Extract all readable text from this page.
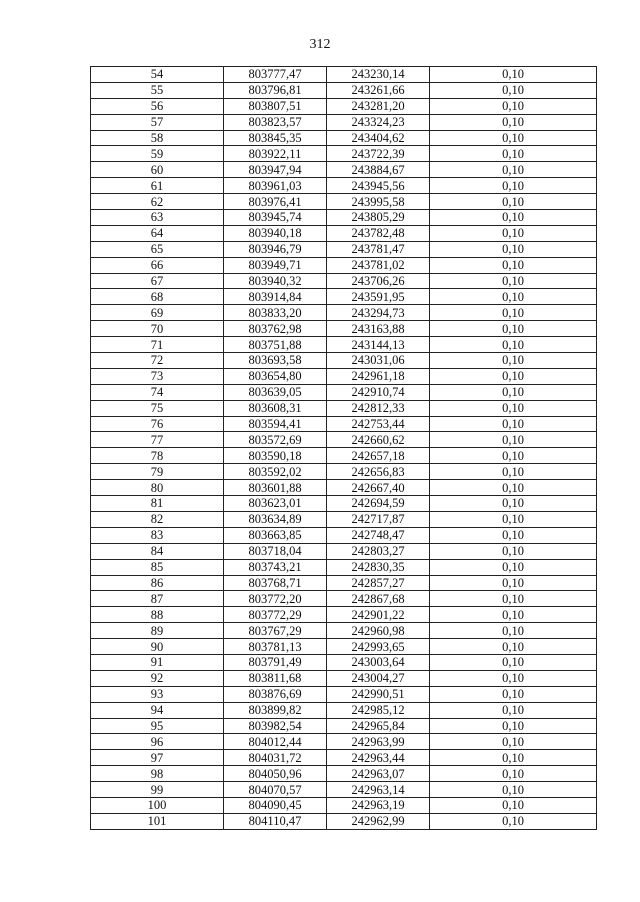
312
54	803777,47	243230,14	0,10
55	803796,81	243261,66	0,10
56	803807,51	243281,20	0,10
57	803823,57	243324,23	0,10
58	803845,35	243404,62	0,10
59	803922,11	243722,39	0,10
60	803947,94	243884,67	0,10
61	803961,03	243945,56	0,10
62	803976,41	243995,58	0,10
63	803945,74	243805,29	0,10
64	803940,18	243782,48	0,10
65	803946,79	243781,47	0,10
66	803949,71	243781,02	0,10
67	803940,32	243706,26	0,10
68	803914,84	243591,95	0,10
69	803833,20	243294,73	0,10
70	803762,98	243163,88	0,10
71	803751,88	243144,13	0,10
72	803693,58	243031,06	0,10
73	803654,80	242961,18	0,10
74	803639,05	242910,74	0,10
75	803608,31	242812,33	0,10
76	803594,41	242753,44	0,10
77	803572,69	242660,62	0,10
78	803590,18	242657,18	0,10
79	803592,02	242656,83	0,10
80	803601,88	242667,40	0,10
81	803623,01	242694,59	0,10
82	803634,89	242717,87	0,10
83	803663,85	242748,47	0,10
84	803718,04	242803,27	0,10
85	803743,21	242830,35	0,10
86	803768,71	242857,27	0,10
87	803772,20	242867,68	0,10
88	803772,29	242901,22	0,10
89	803767,29	242960,98	0,10
90	803781,13	242993,65	0,10
91	803791,49	243003,64	0,10
92	803811,68	243004,27	0,10
93	803876,69	242990,51	0,10
94	803899,82	242985,12	0,10
95	803982,54	242965,84	0,10
96	804012,44	242963,99	0,10
97	804031,72	242963,44	0,10
98	804050,96	242963,07	0,10
99	804070,57	242963,14	0,10
100	804090,45	242963,19	0,10
101	804110,47	242962,99	0,10
